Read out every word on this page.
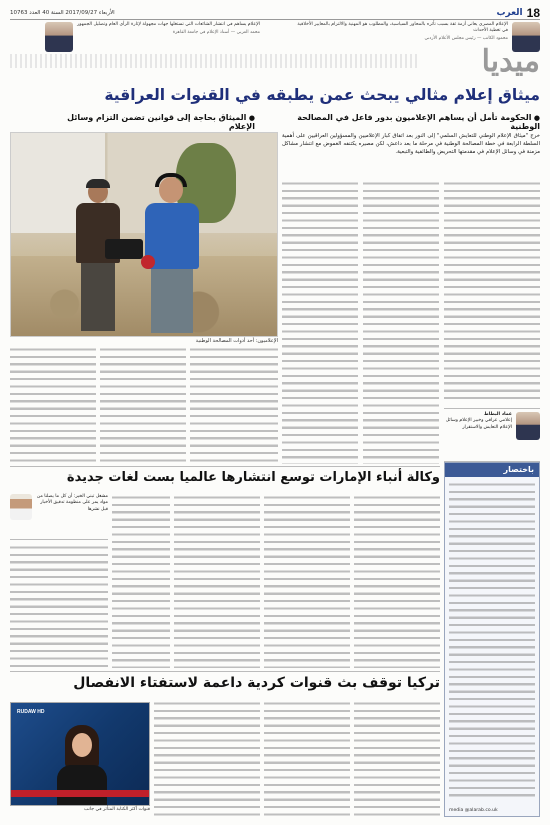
18
العرب
الأربعاء 2017/09/27 السنة 40 العدد 10763
الإعلام المصري يعاني أزمة ثقة بسبب تأثره بالمحاور السياسية، والمطلوب هو المهنية والالتزام بالمعايير الأخلاقية في تغطية الأحداث
محمود الكاتب — رئيس مجلس الأعلام الأردني
الإعلام يساهم في انتشار الشائعات التي تستغلها جهات مجهولة لإثارة الرأي العام وتضليل الجمهور
محمد العربي — أستاذ الإعلام في جامعة القاهرة
ميديا
ميثاق إعلام مثالي يبحث عمن يطبقه في القنوات العراقية
● الحكومة تأمل أن يساهم الإعلاميون بدور فاعل في المصالحة الوطنية
● الميثاق بحاجة إلى قوانين تضمن التزام وسائل الإعلام
الإعلاميون: أحد أدوات المصالحة الوطنية
خرج "ميثاق الإعلام الوطني للتعايش السلمي" إلى النور بعد اتفاق كبار الإعلاميين والمسؤولين العراقيين على أهمية السلطة الرابعة في خطة المصالحة الوطنية في مرحلة ما بعد داعش، لكن مصيره يكتنفه الغموض مع انتشار مشاكل مزمنة في وسائل الإعلام في مقدمتها التحريض والطائفية والتبعية.
عماد البطاط
إعلامي عراقي وخبير الإعلام وسائل الإعلام التعايش والاستقرار
باختصار
media @alarab.co.uk
وكالة أنباء الإمارات توسع انتشارها عالميا بست لغات جديدة
مشغل تبني الخير: أن كل ما يصلنا من مواد يمر على منظومة تدقيق الأخبار قبل نشرها
تركيا توقف بث قنوات كردية داعمة لاستفتاء الانفصال
RUDAW HD
قنوات أكثر الكتابة المتأثر في جانب
